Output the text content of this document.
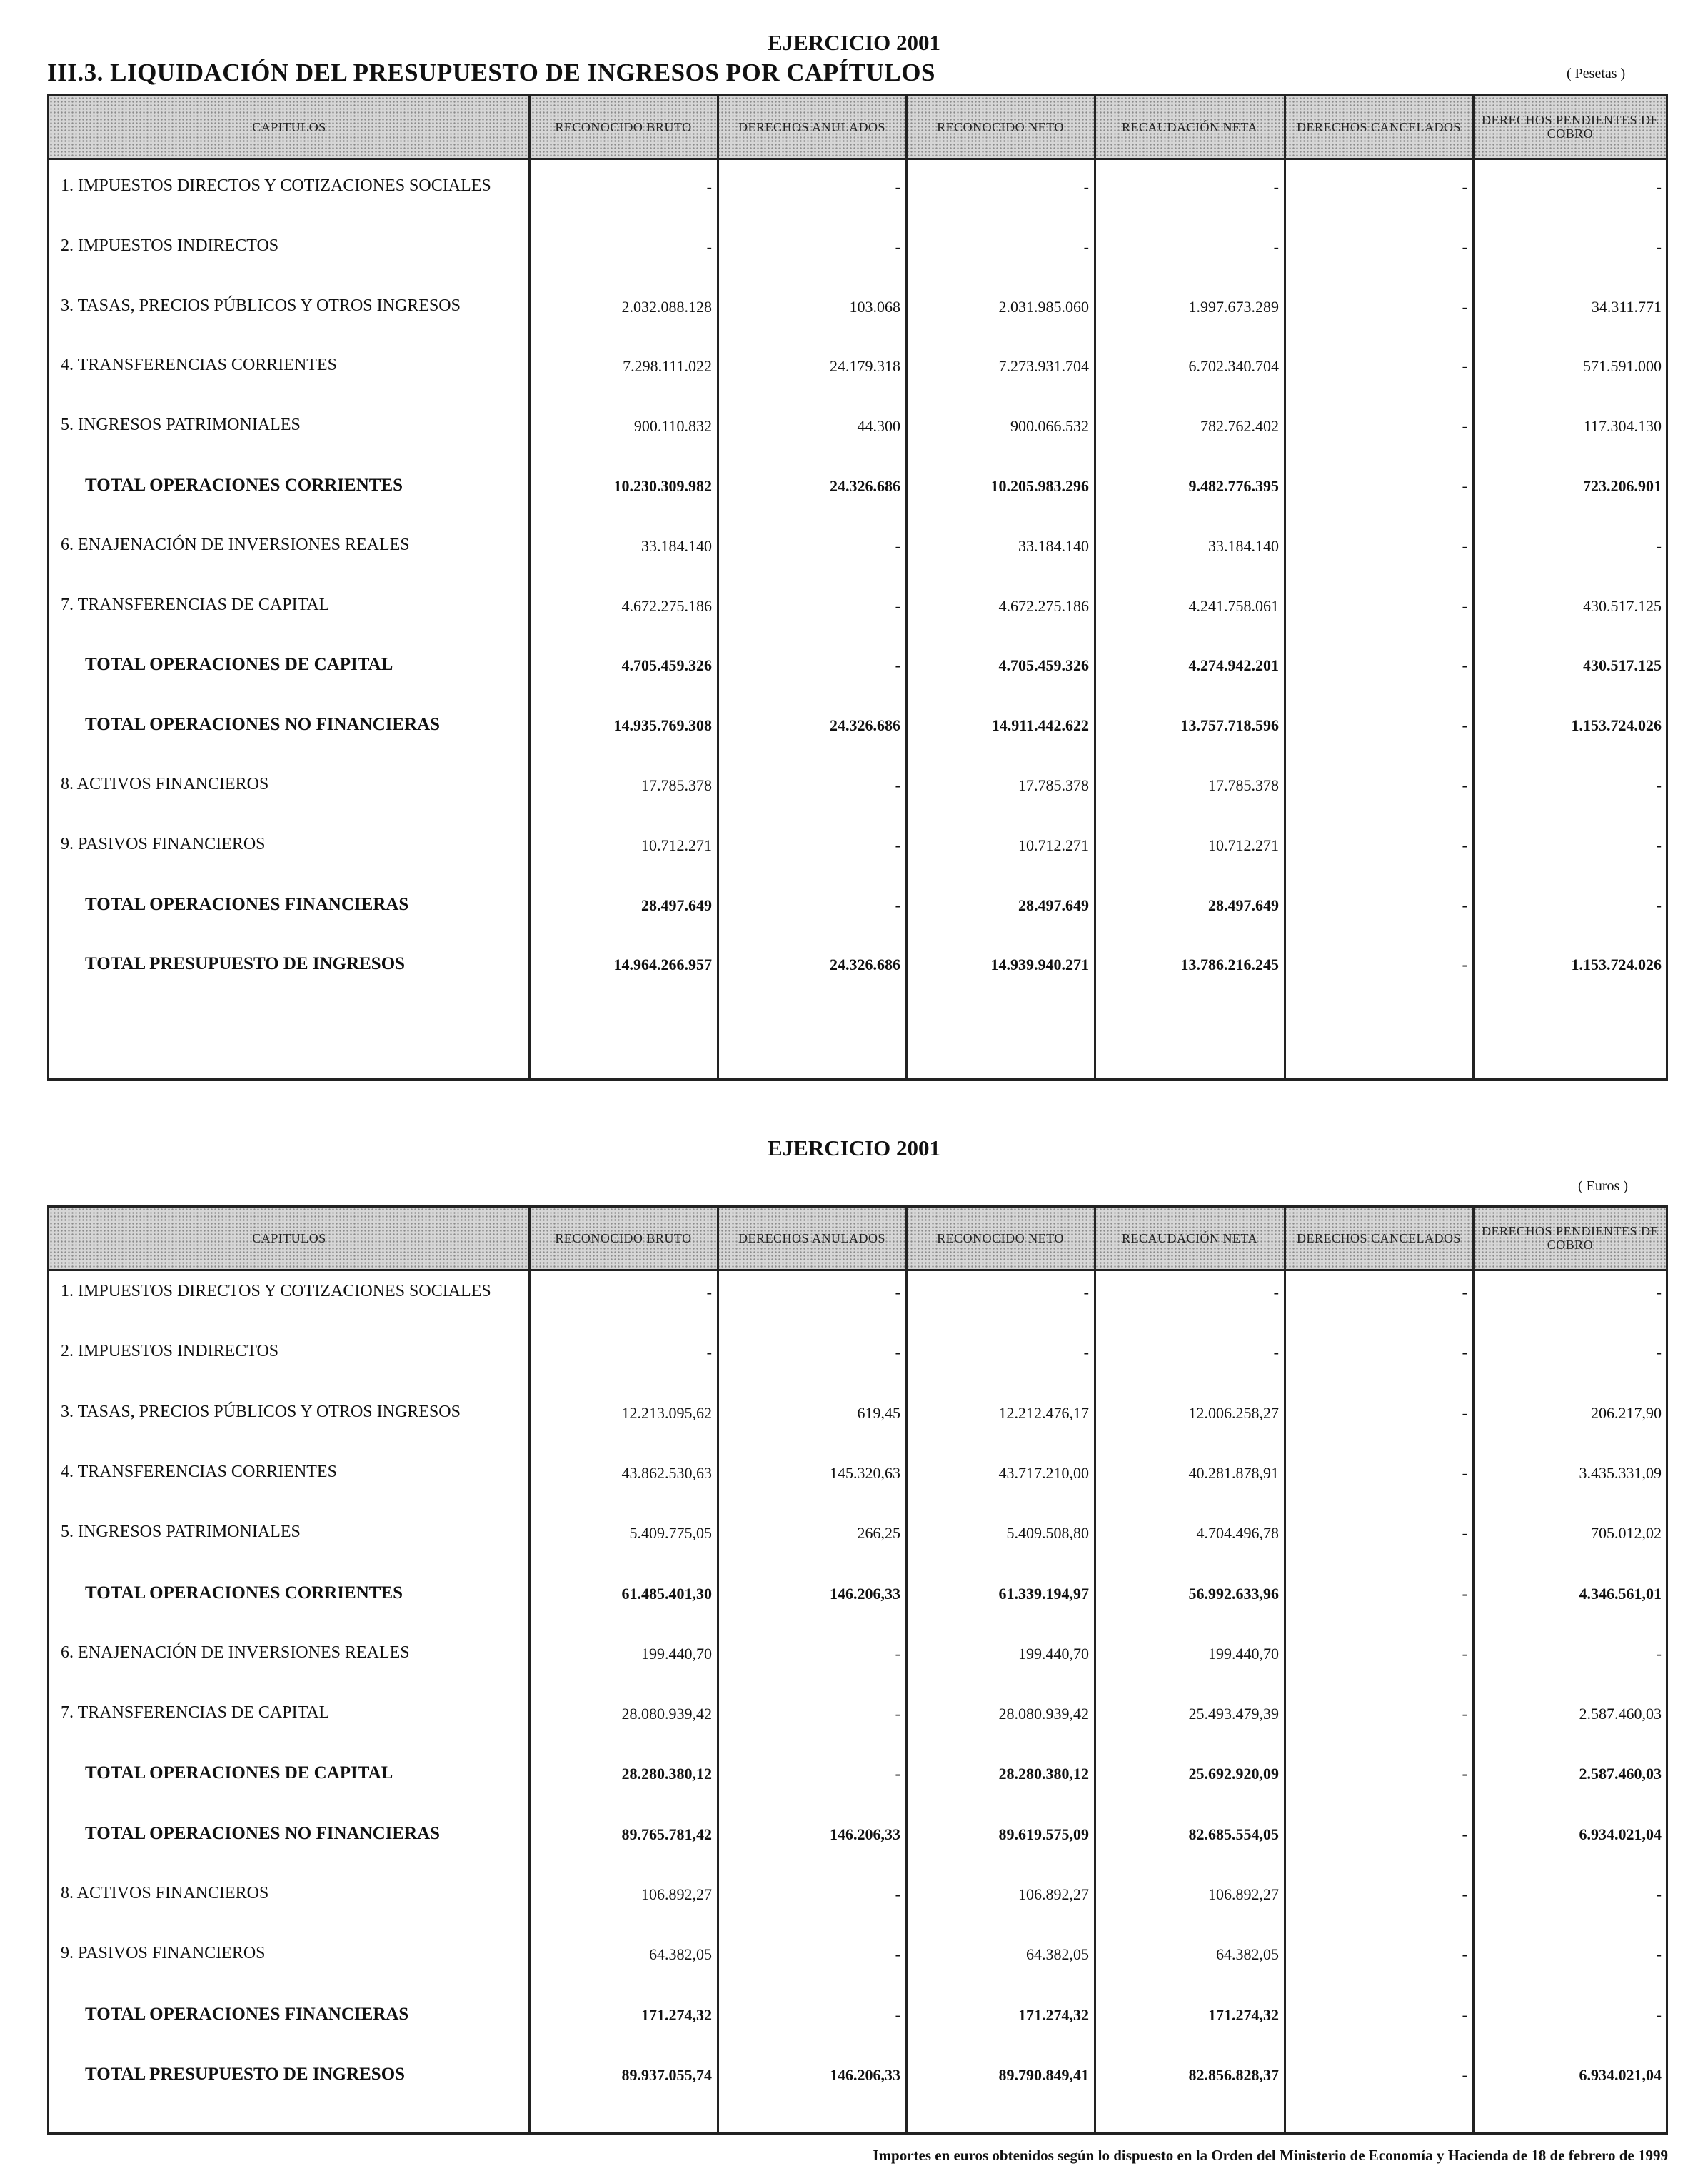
EJERCICIO 2001
III.3. LIQUIDACIÓN DEL PRESUPUESTO DE INGRESOS POR CAPÍTULOS	( Pesetas )
CAPITULOS	RECONOCIDO BRUTO	DERECHOS ANULADOS	RECONOCIDO NETO	RECAUDACIÓN NETA	DERECHOS CANCELADOS	DERECHOS PENDIENTES DE COBRO
1. IMPUESTOS DIRECTOS Y COTIZACIONES SOCIALES	-	-	-	-	-	-
2. IMPUESTOS INDIRECTOS	-	-	-	-	-	-
3. TASAS, PRECIOS PÚBLICOS Y OTROS INGRESOS	2.032.088.128	103.068	2.031.985.060	1.997.673.289	-	34.311.771
4. TRANSFERENCIAS CORRIENTES	7.298.111.022	24.179.318	7.273.931.704	6.702.340.704	-	571.591.000
5. INGRESOS PATRIMONIALES	900.110.832	44.300	900.066.532	782.762.402	-	117.304.130
TOTAL OPERACIONES CORRIENTES	10.230.309.982	24.326.686	10.205.983.296	9.482.776.395	-	723.206.901
6. ENAJENACIÓN DE INVERSIONES REALES	33.184.140	-	33.184.140	33.184.140	-	-
7. TRANSFERENCIAS DE CAPITAL	4.672.275.186	-	4.672.275.186	4.241.758.061	-	430.517.125
TOTAL OPERACIONES DE CAPITAL	4.705.459.326	-	4.705.459.326	4.274.942.201	-	430.517.125
TOTAL OPERACIONES NO FINANCIERAS	14.935.769.308	24.326.686	14.911.442.622	13.757.718.596	-	1.153.724.026
8. ACTIVOS FINANCIEROS	17.785.378	-	17.785.378	17.785.378	-	-
9. PASIVOS FINANCIEROS	10.712.271	-	10.712.271	10.712.271	-	-
TOTAL OPERACIONES FINANCIERAS	28.497.649	-	28.497.649	28.497.649	-	-
TOTAL PRESUPUESTO DE INGRESOS	14.964.266.957	24.326.686	14.939.940.271	13.786.216.245	-	1.153.724.026
EJERCICIO 2001
( Euros )
CAPITULOS	RECONOCIDO BRUTO	DERECHOS ANULADOS	RECONOCIDO NETO	RECAUDACIÓN NETA	DERECHOS CANCELADOS	DERECHOS PENDIENTES DE COBRO
1. IMPUESTOS DIRECTOS Y COTIZACIONES SOCIALES	-	-	-	-	-	-
2. IMPUESTOS INDIRECTOS	-	-	-	-	-	-
3. TASAS, PRECIOS PÚBLICOS Y OTROS INGRESOS	12.213.095,62	619,45	12.212.476,17	12.006.258,27	-	206.217,90
4. TRANSFERENCIAS CORRIENTES	43.862.530,63	145.320,63	43.717.210,00	40.281.878,91	-	3.435.331,09
5. INGRESOS PATRIMONIALES	5.409.775,05	266,25	5.409.508,80	4.704.496,78	-	705.012,02
TOTAL OPERACIONES CORRIENTES	61.485.401,30	146.206,33	61.339.194,97	56.992.633,96	-	4.346.561,01
6. ENAJENACIÓN DE INVERSIONES REALES	199.440,70	-	199.440,70	199.440,70	-	-
7. TRANSFERENCIAS DE CAPITAL	28.080.939,42	-	28.080.939,42	25.493.479,39	-	2.587.460,03
TOTAL OPERACIONES DE CAPITAL	28.280.380,12	-	28.280.380,12	25.692.920,09	-	2.587.460,03
TOTAL OPERACIONES NO FINANCIERAS	89.765.781,42	146.206,33	89.619.575,09	82.685.554,05	-	6.934.021,04
8. ACTIVOS FINANCIEROS	106.892,27	-	106.892,27	106.892,27	-	-
9. PASIVOS FINANCIEROS	64.382,05	-	64.382,05	64.382,05	-	-
TOTAL OPERACIONES FINANCIERAS	171.274,32	-	171.274,32	171.274,32	-	-
TOTAL PRESUPUESTO DE INGRESOS	89.937.055,74	146.206,33	89.790.849,41	82.856.828,37	-	6.934.021,04
Importes en euros obtenidos según lo dispuesto en la Orden del Ministerio de Economía y Hacienda de 18 de febrero de 1999
